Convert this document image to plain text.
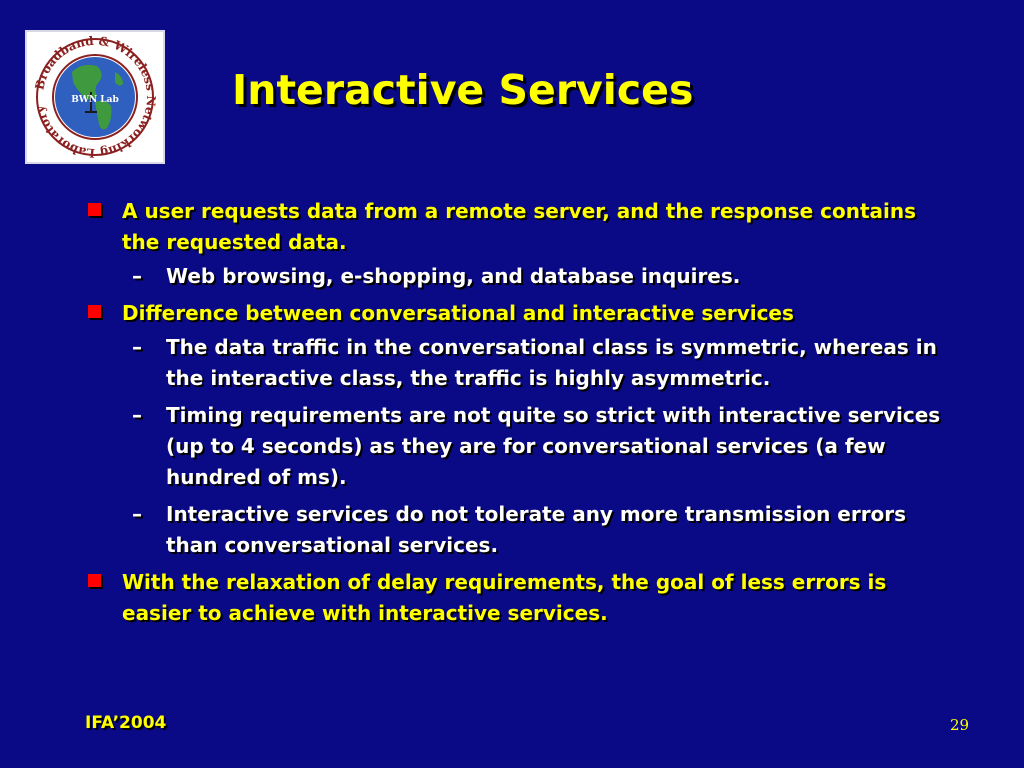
Broadband & Wireless Networking Laboratory
BWN Lab	Interactive Services
A user requests data from a remote server, and the response contains the requested data.
– Web browsing, e-shopping, and database inquires.
Difference between conversational and interactive services
– The data traffic in the conversational class is symmetric, whereas in the interactive class, the traffic is highly asymmetric.
– Timing requirements are not quite so strict with interactive services (up to 4 seconds) as they are for conversational services (a few hundred of ms).
– Interactive services do not tolerate any more transmission errors than conversational services.
With the relaxation of delay requirements, the goal of less errors is easier to achieve with interactive services.
IFA’2004	29
